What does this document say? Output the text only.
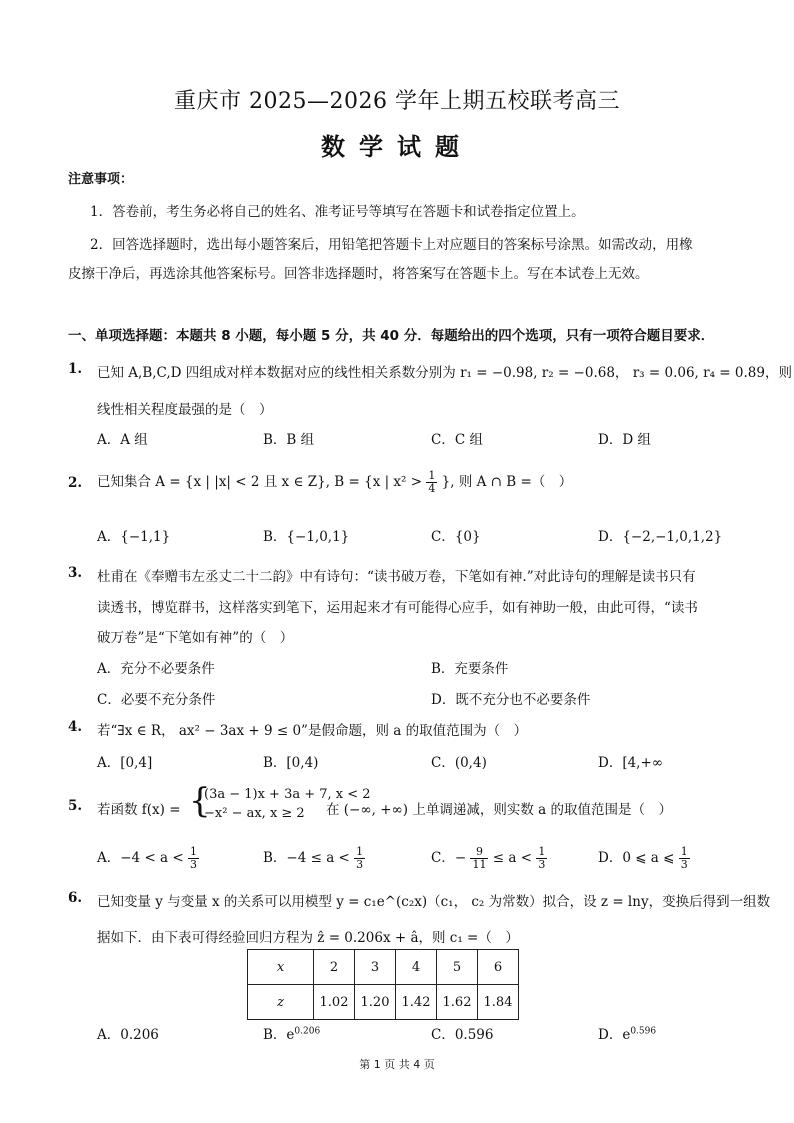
重庆市 2025—2026 学年上期五校联考高三
数学试题
注意事项：
1．答卷前，考生务必将自己的姓名、准考证号等填写在答题卡和试卷指定位置上。
2．回答选择题时，选出每小题答案后，用铅笔把答题卡上对应题目的答案标号涂黑。如需改动，用橡
皮擦干净后，再选涂其他答案标号。回答非选择题时，将答案写在答题卡上。写在本试卷上无效。
一、单项选择题：本题共 8 小题，每小题 5 分，共 40 分．每题给出的四个选项，只有一项符合题目要求．
1. 已知 A,B,C,D 四组成对样本数据对应的线性相关系数分别为 r₁ = −0.98, r₂ = −0.68， r₃ = 0.06, r₄ = 0.89，则
线性相关程度最强的是（　）
A．A 组	B．B 组	C．C 组	D．D 组
2. 已知集合 A = {x | |x| < 2 且 x ∈ Z}, B = {x | $x^2 > \frac{1}{4}$ }, 则 A ∩ B =（　）
A．{−1,1}	B．{−1,0,1}	C．{0}	D．{−2,−1,0,1,2}
3. 杜甫在《奉赠韦左丞丈二十二韵》中有诗句：“读书破万卷，下笔如有神.”对此诗句的理解是读书只有
读透书，博览群书，这样落实到笔下，运用起来才有可能得心应手，如有神助一般，由此可得，“读书
破万卷”是“下笔如有神”的（　）
A．充分不必要条件	B．充要条件
C．必要不充分条件	D．既不充分也不必要条件
4. 若“∃x ∈ R， ax² − 3ax + 9 ≤ 0”是假命题，则 a 的取值范围为（　）
A．[0,4]	B．[0,4)	C．(0,4)	D．[4,+∞
5. 若函数 f(x) = {
(3a − 1)x + 3a + 7, x < 2
−x² − ax, x ≥ 2 在 (−∞, +∞) 上单调递减，则实数 a 的取值范围是（　）
A．$-4 < a < \frac{1}{3}$	B．$-4 \le a < \frac{1}{3}$	C．− $\frac{9}{11} \le a < \frac{1}{3}$	D．0 ⩽ a ⩽ $\frac{1}{3}$
6. 已知变量 y 与变量 x 的关系可以用模型 y = c₁e^(c₂x)（c₁， c₂ 为常数）拟合，设 z = lny，变换后得到一组数
据如下．由下表可得经验回归方程为 ẑ = 0.206x + â，则 c₁ =（　）
x	2	3	4	5	6
z	1.02	1.20	1.42	1.62	1.84
A．0.206	B．$e^{0.206}$	C．0.596	D．$e^{0.596}$
第 1 页 共 4 页
